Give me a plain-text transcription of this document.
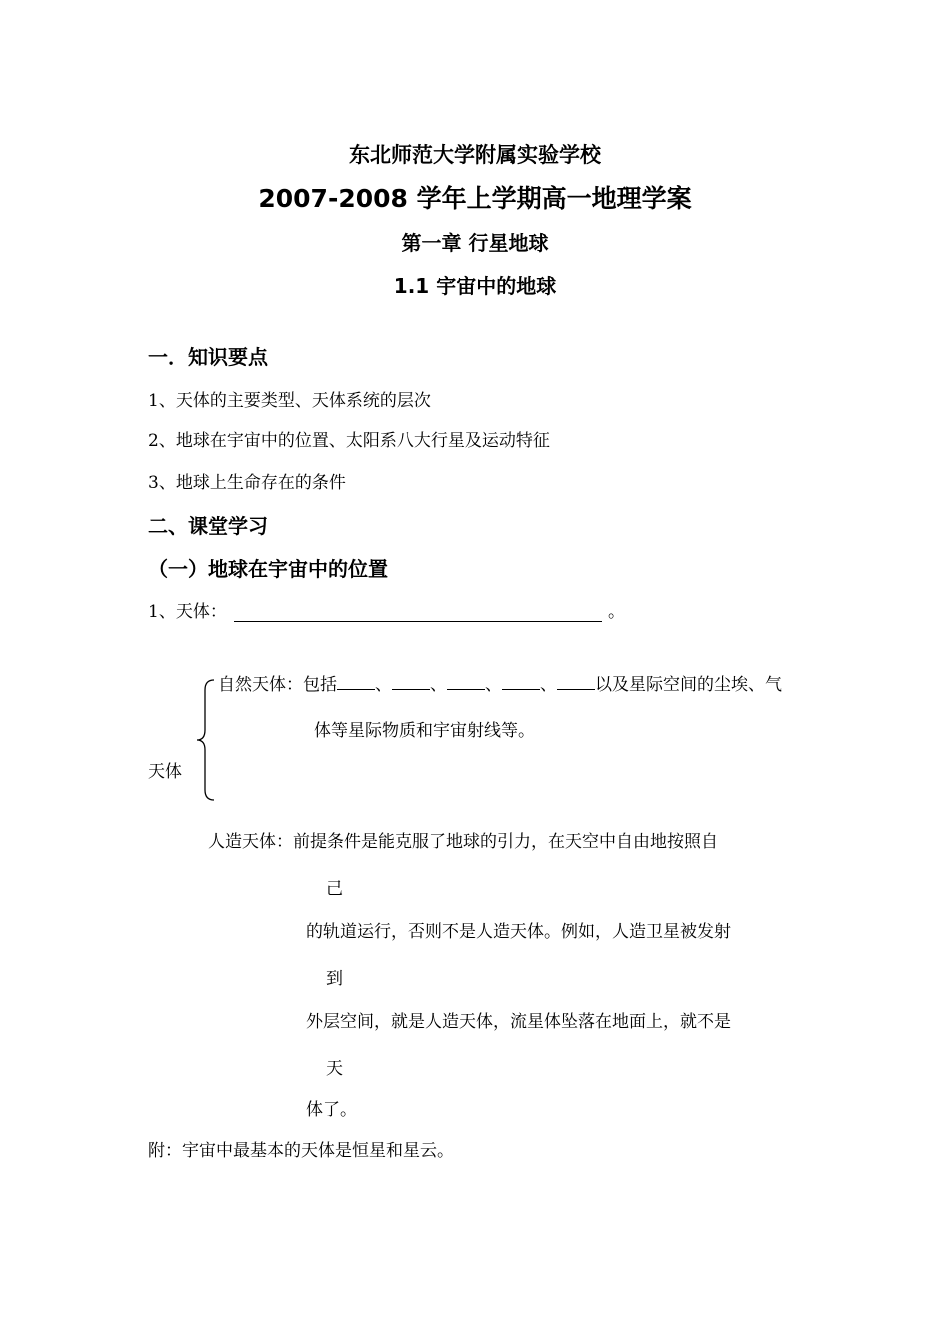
东北师范大学附属实验学校
2007-2008 学年上学期高一地理学案
第一章 行星地球
1.1 宇宙中的地球
一．知识要点
1、天体的主要类型、天体系统的层次
2、地球在宇宙中的位置、太阳系八大行星及运动特征
3、地球上生命存在的条件
二、课堂学习
（一）地球在宇宙中的位置
1、天体：	。
自然天体：包括 、 、 、 、 以及星际空间的尘埃、气
体等星际物质和宇宙射线等。
天体
人造天体：前提条件是能克服了地球的引力，在天空中自由地按照自
己
的轨道运行，否则不是人造天体。例如，人造卫星被发射
到
外层空间，就是人造天体，流星体坠落在地面上，就不是
天
体了。
附：宇宙中最基本的天体是恒星和星云。
